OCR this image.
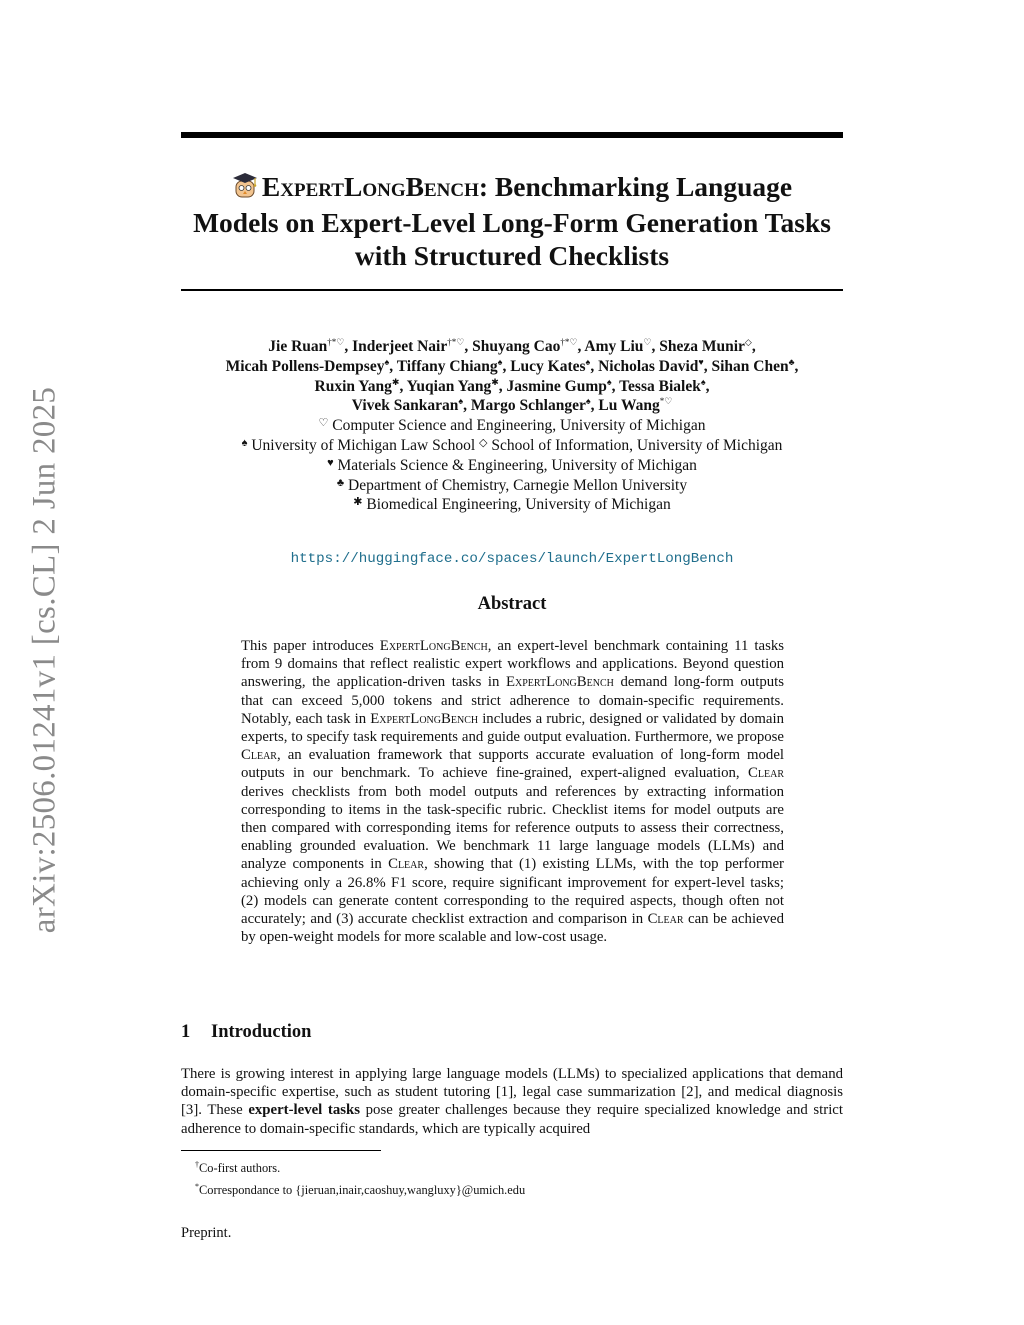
arXiv:2506.01241v1 [cs.CL] 2 Jun 2025
ExpertLongBench: Benchmarking Language
Models on Expert-Level Long-Form Generation Tasks
with Structured Checklists
Jie Ruan†*♡, Inderjeet Nair†*♡, Shuyang Cao†*♡, Amy Liu♡, Sheza Munir◇,
Micah Pollens-Dempsey♠, Tiffany Chiang♠, Lucy Kates♠, Nicholas David♥, Sihan Chen♣,
Ruxin Yang✱, Yuqian Yang✱, Jasmine Gump♠, Tessa Bialek♠,
Vivek Sankaran♠, Margo Schlanger♠, Lu Wang*♡
♡ Computer Science and Engineering, University of Michigan
♠ University of Michigan Law School ◇ School of Information, University of Michigan
♥ Materials Science & Engineering, University of Michigan
♣ Department of Chemistry, Carnegie Mellon University
✱ Biomedical Engineering, University of Michigan
https://huggingface.co/spaces/launch/ExpertLongBench
Abstract
This paper introduces ExpertLongBench, an expert-level benchmark containing 11 tasks from 9 domains that reflect realistic expert workflows and applications. Beyond question answering, the application-driven tasks in ExpertLongBench demand long-form outputs that can exceed 5,000 tokens and strict adherence to domain-specific requirements. Notably, each task in ExpertLongBench includes a rubric, designed or validated by domain experts, to specify task requirements and guide output evaluation. Furthermore, we propose Clear, an evaluation framework that supports accurate evaluation of long-form model outputs in our benchmark. To achieve fine-grained, expert-aligned evaluation, Clear derives checklists from both model outputs and references by extracting information corresponding to items in the task-specific rubric. Checklist items for model outputs are then compared with corresponding items for reference outputs to assess their correctness, enabling grounded evaluation. We benchmark 11 large language models (LLMs) and analyze components in Clear, showing that (1) existing LLMs, with the top performer achieving only a 26.8% F1 score, require significant improvement for expert-level tasks; (2) models can generate content corresponding to the required aspects, though often not accurately; and (3) accurate checklist extraction and comparison in Clear can be achieved by open-weight models for more scalable and low-cost usage.
1 Introduction
There is growing interest in applying large language models (LLMs) to specialized applications that demand domain-specific expertise, such as student tutoring [1], legal case summarization [2], and medical diagnosis [3]. These expert-level tasks pose greater challenges because they require specialized knowledge and strict adherence to domain-specific standards, which are typically acquired
†Co-first authors.
*Correspondance to {jieruan,inair,caoshuy,wangluxy}@umich.edu
Preprint.
